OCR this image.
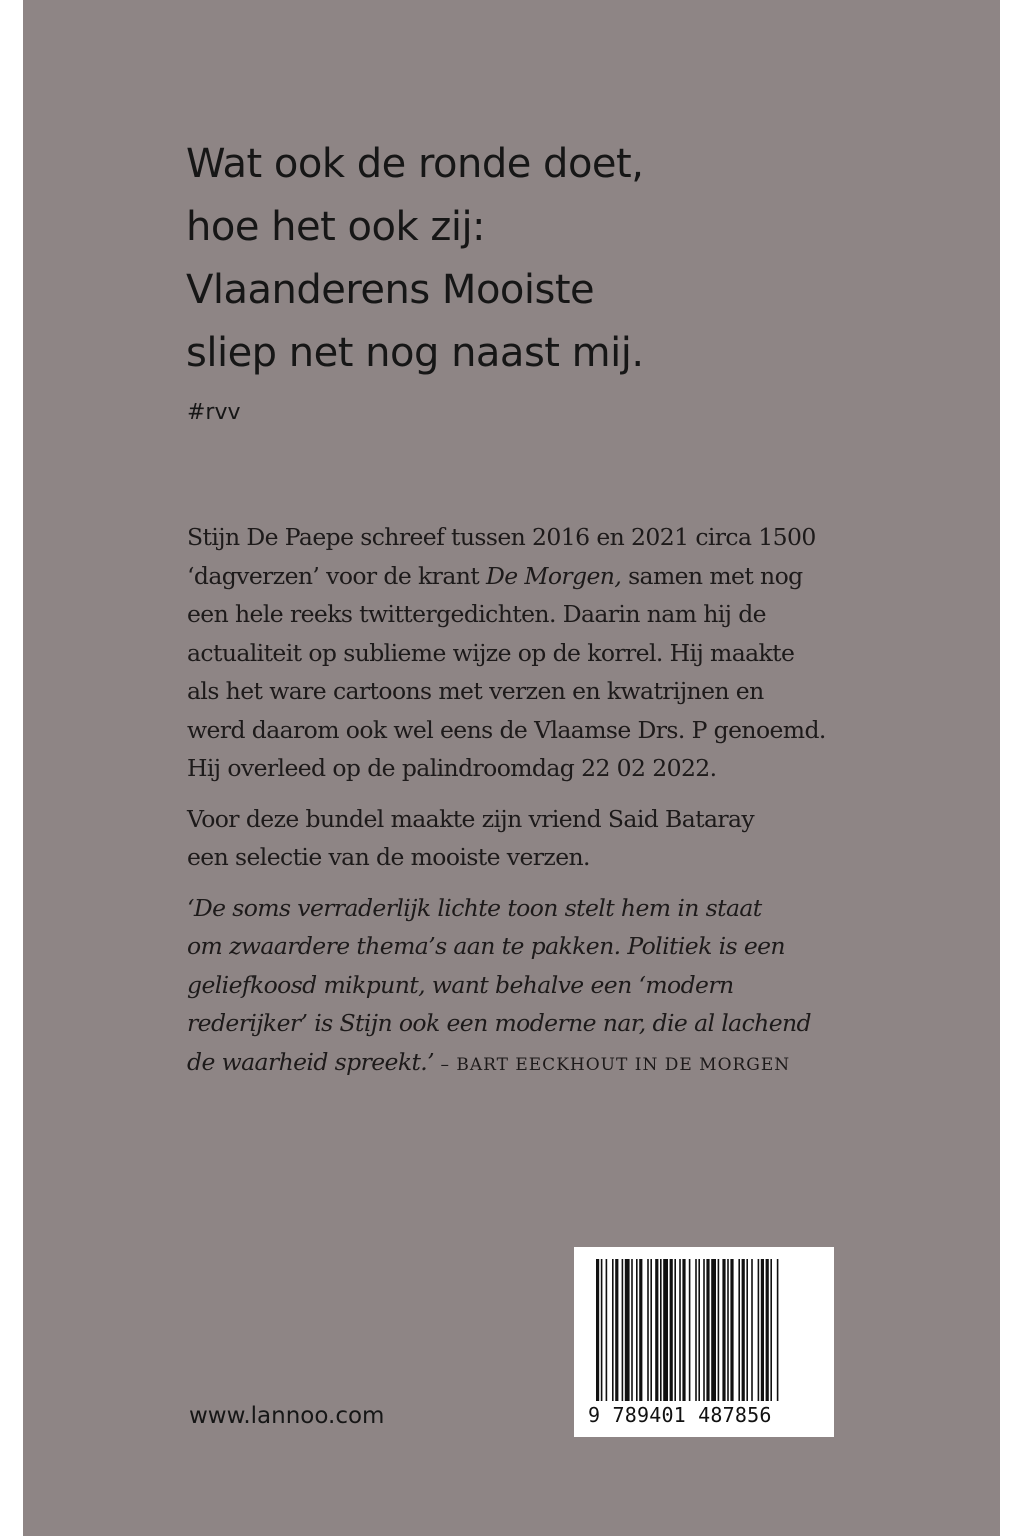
Wat ook de ronde doet,
hoe het ook zij:
Vlaanderens Mooiste
sliep net nog naast mij.
#rvv
Stijn De Paepe schreef tussen 2016 en 2021 circa 1500
‘dagverzen’ voor de krant De Morgen, samen met nog
een hele reeks twittergedichten. Daarin nam hij de
actualiteit op sublieme wijze op de korrel. Hij maakte
als het ware cartoons met verzen en kwatrijnen en
werd daarom ook wel eens de Vlaamse Drs. P genoemd.
Hij overleed op de palindroomdag 22 02 2022.
Voor deze bundel maakte zijn vriend Said Bataray
een selectie van de mooiste verzen.
‘De soms verraderlijk lichte toon stelt hem in staat
om zwaardere thema’s aan te pakken. Politiek is een
geliefkoosd mikpunt, want behalve een ‘modern
rederijker’ is Stijn ook een moderne nar, die al lachend
de waarheid spreekt.’ – BART EECKHOUT IN DE MORGEN
9 789401 487856
www.lannoo.com
